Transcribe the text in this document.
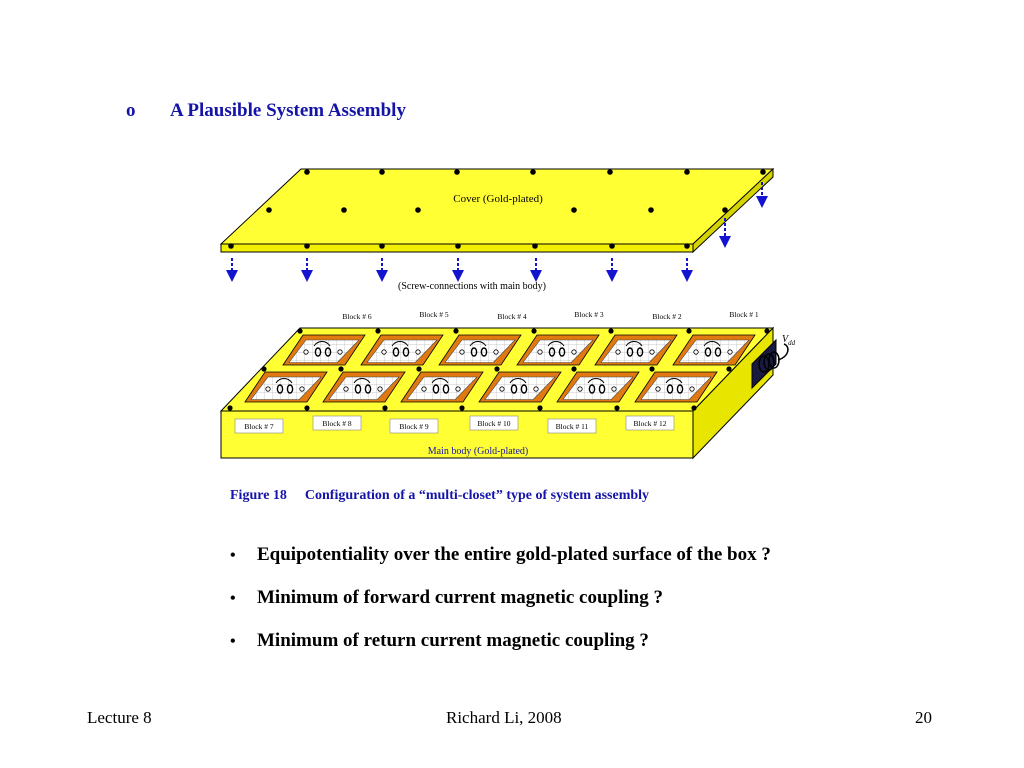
o A Plausible System Assembly
Cover (Gold-plated)
(Screw-connections with main body)
Block # 7	Block # 8	Block # 9	Block # 10	Block # 11	Block # 12
Main body (Gold-plated)
$V_{dd}$
Block # 6	Block # 5	Block # 4	Block # 3	Block # 2	Block # 1
Figure 18 Configuration of a “multi-closet” type of system assembly
• Equipotentiality over the entire gold-plated surface of the box ?
• Minimum of forward current magnetic coupling ?
• Minimum of return current magnetic coupling ?
Lecture 8	Richard Li, 2008	20
